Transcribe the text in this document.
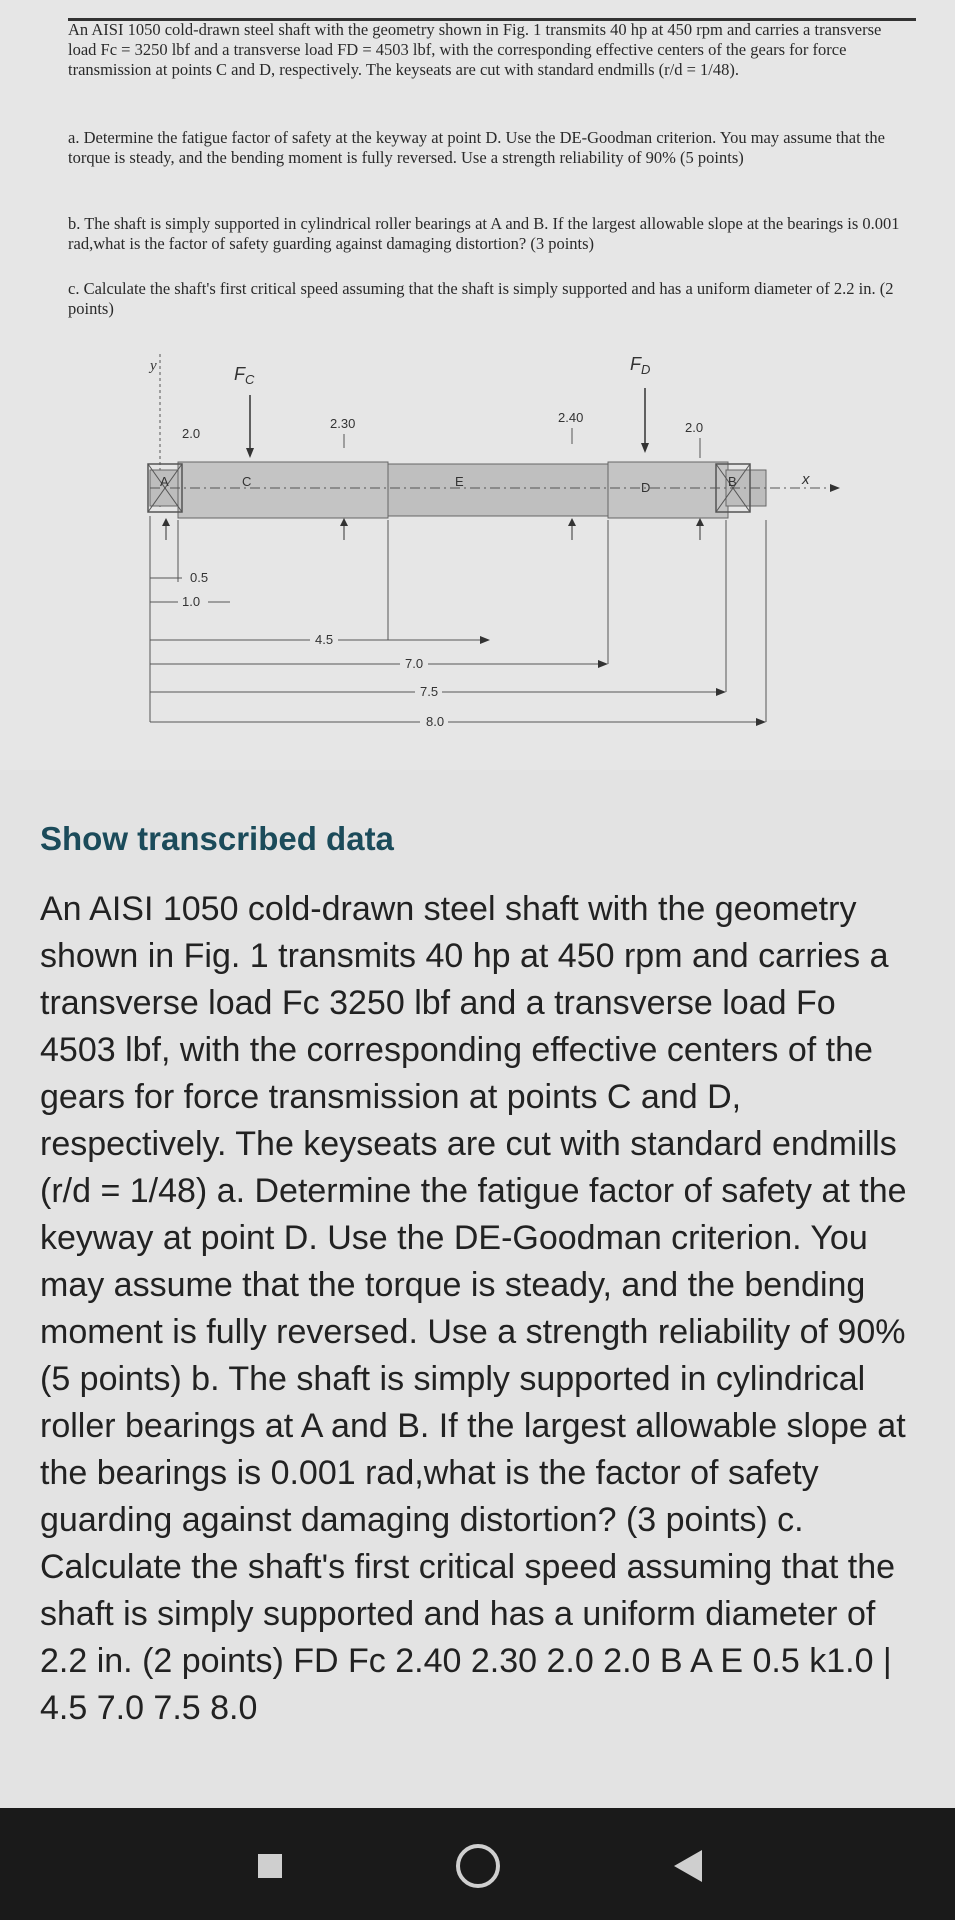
An AISI 1050 cold-drawn steel shaft with the geometry shown in Fig. 1 transmits 40 hp at 450 rpm and carries a transverse load Fc = 3250 lbf and a transverse load FD = 4503 lbf, with the corresponding effective centers of the gears for force transmission at points C and D, respectively. The keyseats are cut with standard endmills (r/d = 1/48).
a. Determine the fatigue factor of safety at the keyway at point D. Use the DE-Goodman criterion. You may assume that the torque is steady, and the bending moment is fully reversed. Use a strength reliability of 90% (5 points)
b. The shaft is simply supported in cylindrical roller bearings at A and B. If the largest allowable slope at the bearings is 0.001 rad,what is the factor of safety guarding against damaging distortion? (3 points)
c. Calculate the shaft's first critical speed assuming that the shaft is simply supported and has a uniform diameter of 2.2 in. (2 points)
y	$F_C$
$F_D$
2.0
2.30	2.40
2.0
x
A	C	E	D	B
0.5
1.0
4.5
7.0
7.5
8.0
Show transcribed data
An AISI 1050 cold-drawn steel shaft with the geometry shown in Fig. 1 transmits 40 hp at 450 rpm and carries a transverse load Fc 3250 lbf and a transverse load Fo 4503 lbf, with the corresponding effective centers of the gears for force transmission at points C and D, respectively. The keyseats are cut with standard endmills (r/d = 1/48) a. Determine the fatigue factor of safety at the keyway at point D. Use the DE-Goodman criterion. You may assume that the torque is steady, and the bending moment is fully reversed. Use a strength reliability of 90% (5 points) b. The shaft is simply supported in cylindrical roller bearings at A and B. If the largest allowable slope at the bearings is 0.001 rad,what is the factor of safety guarding against damaging distortion? (3 points) c. Calculate the shaft's first critical speed assuming that the shaft is simply supported and has a uniform diameter of 2.2 in. (2 points) FD Fc 2.40 2.30 2.0 2.0 B A E 0.5 k1.0 | 4.5 7.0 7.5 8.0
